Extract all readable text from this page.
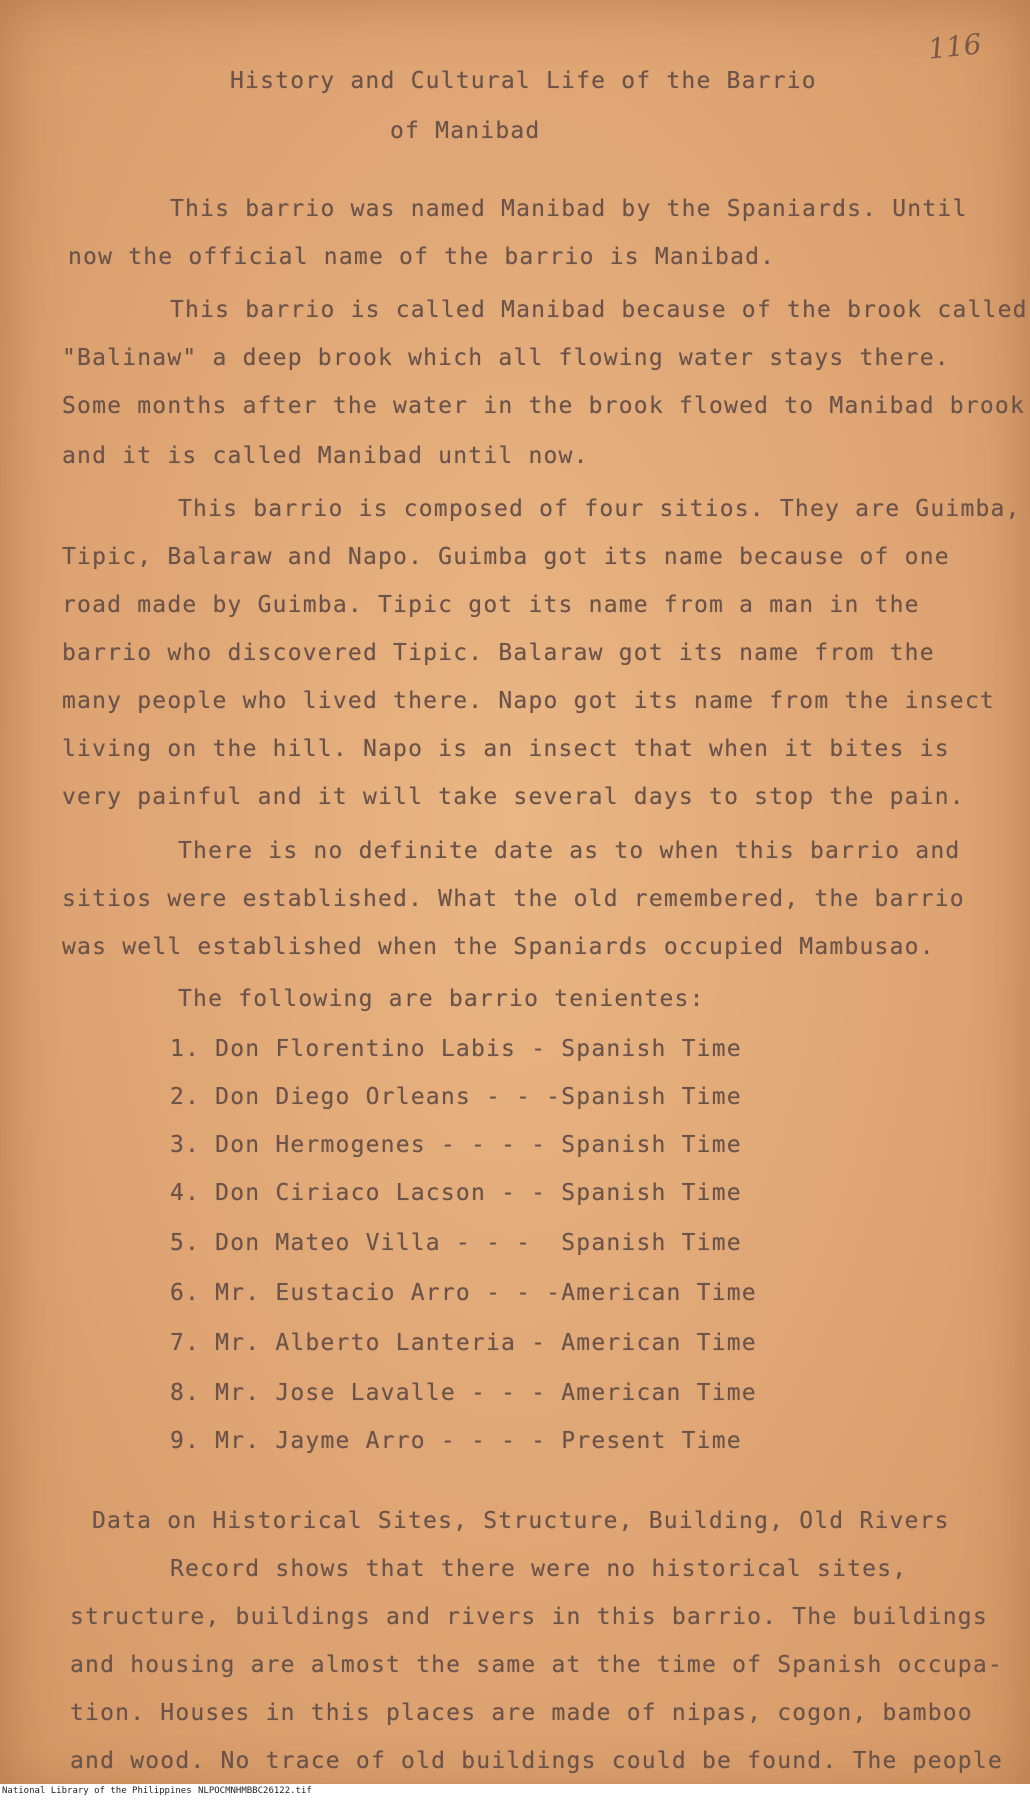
116
History and Cultural Life of the Barrio
of Manibad
This barrio was named Manibad by the Spaniards. Until
now the official name of the barrio is Manibad.
This barrio is called Manibad because of the brook called
"Balinaw" a deep brook which all flowing water stays there.
Some months after the water in the brook flowed to Manibad brook
and it is called Manibad until now.
This barrio is composed of four sitios. They are Guimba,
Tipic, Balaraw and Napo. Guimba got its name because of one
road made by Guimba. Tipic got its name from a man in the
barrio who discovered Tipic. Balaraw got its name from the
many people who lived there. Napo got its name from the insect
living on the hill. Napo is an insect that when it bites is
very painful and it will take several days to stop the pain.
There is no definite date as to when this barrio and
sitios were established. What the old remembered, the barrio
was well established when the Spaniards occupied Mambusao.
The following are barrio tenientes:
1. Don Florentino Labis - Spanish Time
2. Don Diego Orleans - - -Spanish Time
3. Don Hermogenes - - - - Spanish Time
4. Don Ciriaco Lacson - - Spanish Time
5. Don Mateo Villa - - -  Spanish Time
6. Mr. Eustacio Arro - - -American Time
7. Mr. Alberto Lanteria - American Time
8. Mr. Jose Lavalle - - - American Time
9. Mr. Jayme Arro - - - - Present Time
Data on Historical Sites, Structure, Building, Old Rivers
Record shows that there were no historical sites,
structure, buildings and rivers in this barrio. The buildings
and housing are almost the same at the time of Spanish occupa-
tion. Houses in this places are made of nipas, cogon, bamboo
and wood. No trace of old buildings could be found. The people
National Library of the Philippines NLPOCMNHMBBC26122.tif
